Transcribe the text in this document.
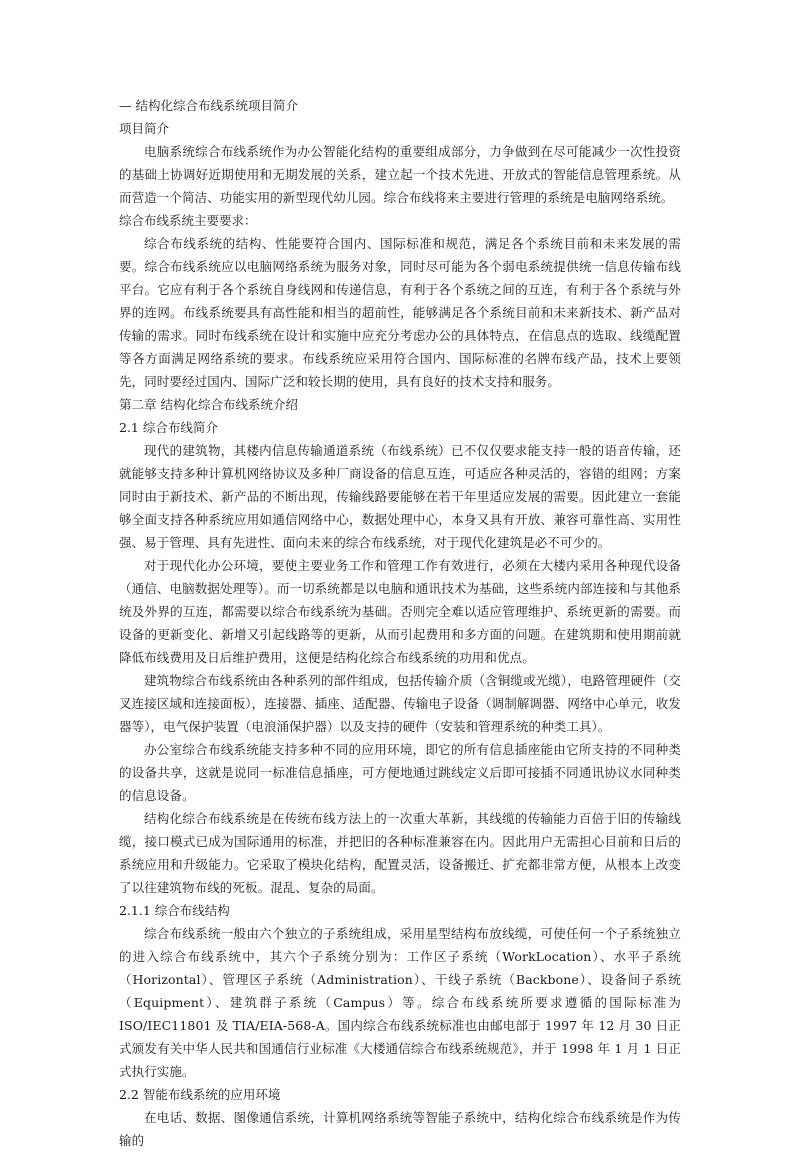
— 结构化综合布线系统项目简介

项目简介

电脑系统综合布线系统作为办公智能化结构的重要组成部分，力争做到在尽可能减少一次性投资的基础上协调好近期使用和无期发展的关系，建立起一个技术先进、开放式的智能信息管理系统。从而营造一个简洁、功能实用的新型现代幼儿园。综合布线将来主要进行管理的系统是电脑网络系统。

综合布线系统主要要求：

综合布线系统的结构、性能要符合国内、国际标准和规范，满足各个系统目前和未来发展的需要。综合布线系统应以电脑网络系统为服务对象，同时尽可能为各个弱电系统提供统一信息传输布线平台。它应有利于各个系统自身线网和传递信息，有利于各个系统之间的互连，有利于各个系统与外界的连网。布线系统要具有高性能和相当的超前性，能够满足各个系统目前和未来新技术、新产品对传输的需求。同时布线系统在设计和实施中应充分考虑办公的具体特点，在信息点的选取、线缆配置等各方面满足网络系统的要求。布线系统应采用符合国内、国际标准的名牌布线产品，技术上要领先，同时要经过国内、国际广泛和较长期的使用，具有良好的技术支持和服务。

第二章 结构化综合布线系统介绍

2.1 综合布线简介

现代的建筑物，其楼内信息传输通道系统（布线系统）已不仅仅要求能支持一般的语音传输，还就能够支持多种计算机网络协议及多种厂商设备的信息互连，可适应各种灵活的，容错的组网；方案同时由于新技术、新产品的不断出现，传输线路要能够在若干年里适应发展的需要。因此建立一套能够全面支持各种系统应用如通信网络中心，数据处理中心，本身又具有开放、兼容可靠性高、实用性强、易于管理、具有先进性、面向未来的综合布线系统，对于现代化建筑是必不可少的。

对于现代化办公环境，要使主要业务工作和管理工作有效进行，必须在大楼内采用各种现代设备（通信、电脑数据处理等）。而一切系统都是以电脑和通讯技术为基础，这些系统内部连接和与其他系统及外界的互连，都需要以综合布线系统为基础。否则完全难以适应管理维护、系统更新的需要。而设备的更新变化、新增又引起线路等的更新，从而引起费用和多方面的问题。在建筑期和使用期前就降低布线费用及日后维护费用，这便是结构化综合布线系统的功用和优点。

建筑物综合布线系统由各种系列的部件组成，包括传输介质（含铜缆或光缆），电路管理硬件（交叉连接区域和连接面板），连接器、插座、适配器、传输电子设备（调制解调器、网络中心单元，收发器等），电气保护装置（电浪涌保护器）以及支持的硬件（安装和管理系统的种类工具）。

办公室综合布线系统能支持多种不同的应用环境，即它的所有信息插座能由它所支持的不同种类的设备共享，这就是说同一标准信息插座，可方便地通过跳线定义后即可接插不同通讯协议水同种类的信息设备。

结构化综合布线系统是在传统布线方法上的一次重大革新，其线缆的传输能力百倍于旧的传输线缆，接口模式已成为国际通用的标准，并把旧的各种标准兼容在内。因此用户无需担心目前和日后的系统应用和升级能力。它采取了模块化结构，配置灵活，设备搬迁、扩充都非常方便，从根本上改变了以往建筑物布线的死板。混乱、复杂的局面。

2.1.1 综合布线结构

综合布线系统一般由六个独立的子系统组成，采用星型结构布放线缆，可使任何一个子系统独立的进入综合布线系统中，其六个子系统分别为：工作区子系统（WorkLocation）、水平子系统（Horizontal）、管理区子系统（Administration）、干线子系统（Backbone）、设备间子系统（Equipment）、建筑群子系统（Campus）等。综合布线系统所要求遵循的国际标准为 ISO/IEC11801 及 TIA/EIA-568-A。国内综合布线系统标准也由邮电部于 1997 年 12 月 30 日正式颁发有关中华人民共和国通信行业标准《大楼通信综合布线系统规范》，并于 1998 年 1 月 1 日正式执行实施。

2.2 智能布线系统的应用环境

在电话、数据、图像通信系统，计算机网络系统等智能子系统中，结构化综合布线系统是作为传输的
